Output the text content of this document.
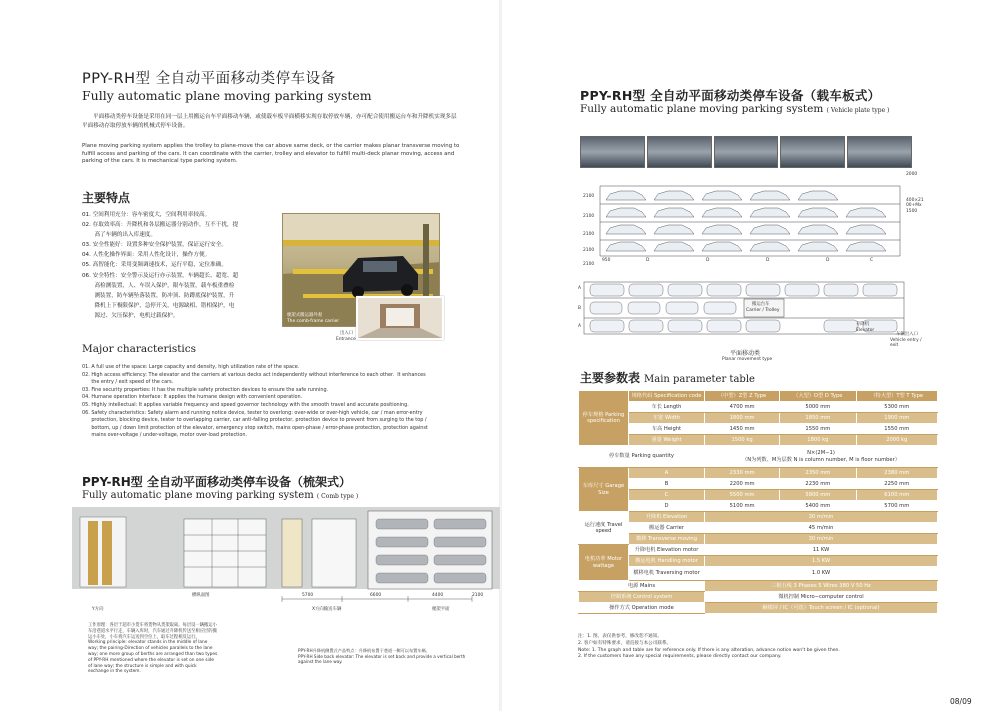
PPY-RH型 全自动平面移动类停车设备
Fully automatic plane moving parking system
平面移动类停车设备是采用在同一层上用搬运台车平面移动车辆，或使载车板平面横移实现存取停放车辆，亦可配合使用搬运台车和升降机实现多层平面移动存取停放车辆的机械式停车设备。
Plane moving parking system applies the trolley to plane-move the car above same deck, or the carrier makes planar transverse moving to fulfill access and parking of the cars. It can coordinate with the carrier, trolley and elevator to fulfill multi-deck planar moving, access and parking of the cars. It is mechanical type parking system.
主要特点
01. 空间利用充分：容车密度大，空间利用率较高。
02. 存取效率高：升降机和各层搬运器分别动作，互不干扰，提
高了车辆的出入库速度。
03. 安全性能好：设置多种安全保护装置，保证运行安全。
04. 人性化操作界面：采用人性化设计，操作方便。
05. 高智能化：采用变频调速技术，运行平稳，定位准确。
06. 安全特性：安全警示及运行亦示装置，车辆超长、超宽、超
高检测装置，人、车误入保护，限车装置，载车板重叠检
测装置，防车辆坠落装置，防冲顶、防蹲底保护装置，升
降机上下极限保护，急停开关，电源缺相、错相保护，电
源过、欠压保护，电机过载保护。	梳架式搬运器外观
The comb-frame carrier
出入口
Entrance
Major characteristics
01. A full use of the space: Large capacity and density, high utilization rate of the space.
02. High access efficiency: The elevator and the carriers at various decks act independently without interference to each other.  It enhances
the entry / exit speed of the cars.
03. Fine security properties: It has the multiple safety protection devices to ensure the safe running.
04. Humane operation interface: It applies the humane design with convenient operation.
05. Highly intellectual: It applies variable frequency and speed governor technology with the smooth travel and accurate positioning.
06. Safety characteristics: Safety alarm and running notice device, tester to overlong: over-wide or over-high vehicle, car / man error-entry
protection, blocking device, tester to overlapping carrier, car anti-falling protector, protection device to prevent from surging to the top /
bottom, up / down limit protection of the elevator, emergency stop switch, mains open-phase / error-phase protection, protection against
mains over-voltage / under-voltage, motor over-load protection.
PPY-RH型 全自动平面移动类停车设备（梳架式）
Fully automatic plane moving parking system ( Comb type )
5700	6600	4400	2100
横纵面图
X方向输送车辆	梳架平面
Y方向
工作原理：各层于超市小货车将货物从货架取离。每层设一辆搬运小车沿巷道水平行走，车辆入库时，汽车通过升降机传送至相应层的搬运小车处，小车将汽车运送到空位上，取车过程相反运行。
Working principle: elevator stands in the middle of lane way; the pairing-Direction of vehicles parallels to the lane way; one more group of berths are arranged than two types of PPY-RH mentioned where the elevator is set on one side of lane way; the structure is simple and with quick exchange in the system.
PPY-RH升降机侧置式产品特点：升降机布置于巷道一侧可以布置车辆。
PPY-RH Side back elevator: The elevator is set back and provide a vertical berth against the lane way.
PPY-RH型 全自动平面移动类停车设备（载车板式）
Fully automatic plane moving parking system ( Vehicle plate type )
2100
2100
2100
2100
2100
2000
400×2100+Mx1500
950	D	D	D	D	C
A
B
A
搬运台车
Carrier / Trolley
升降机
Elevator
车辆出入口
Vehicle entry / exit
平面移动类
Planar movement type
主要参数表 Main parameter table
停车规格 Parking specification	规格代码 Specification code	（中型）Z型 Z Type	（大型）D型 D Type	（特大型）T型 T Type
	车长 Length	4700 mm	5000 mm	5300 mm
	车宽 Width	1800 mm	1850 mm	1900 mm
	车高 Height	1450 mm	1550 mm	1550 mm
	重量 Weight	1500 kg	1800 kg	2000 kg
停车数量 Parking quantity		N×(2M−1)
（N为列数、M为层数 N is column number, M is floor number）		

车库尺寸 Garage Size	A	2330 mm	2350 mm	2380 mm
	B	2200 mm	2230 mm	2250 mm
	C	5500 mm	5800 mm	6100 mm
	D	5100 mm	5400 mm	5700 mm
运行速度 Travel speed	升降机 Elevation	30 m/min		
	搬运器 Carrier	45 m/min		
	横移 Transverse moving	30 m/min		
电机功率 Motor wattage	升降电机 Elevation motor	11 KW		
	搬运电机 Handling motor	1.5 KW		
	横移电机 Traversing motor	1.0 KW		
电源 Mains		三相五线 3 Phases 5 Wires 380 V 50 Hz		
控制系统 Control system		微机控制 Micro−computer control		
操作方式 Operation mode		触摸屏 / IC（可选）Touch screen / IC (optional)		
注：1. 图、表仅供参考，修改恕不通知。
2. 客户如有特殊要求，请直接与本公司联系。
Note: 1. The graph and table are for reference only. If there is any alteration, advance notice won't be given then.
2. If the customers have any special requirements, please directly contact our company.
08/09
